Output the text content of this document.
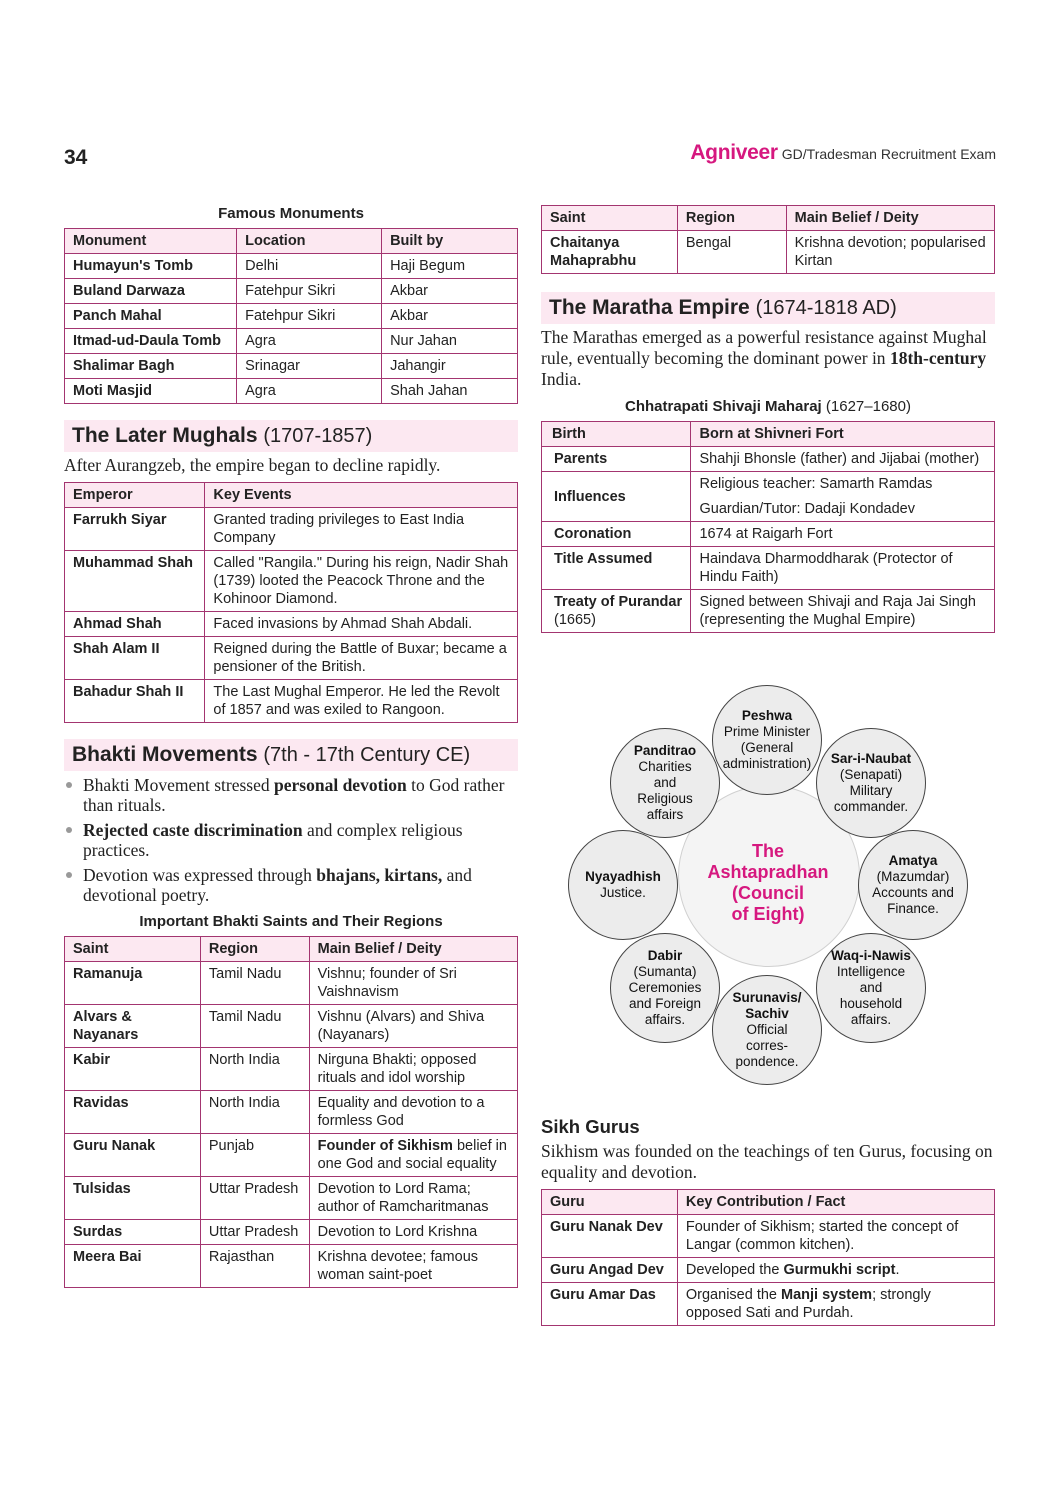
34	Agniveer GD/Tradesman Recruitment Exam
Famous Monuments
Monument	Location	Built by
Humayun's Tomb	Delhi	Haji Begum
Buland Darwaza	Fatehpur Sikri	Akbar
Panch Mahal	Fatehpur Sikri	Akbar
Itmad-ud-Daula Tomb	Agra	Nur Jahan
Shalimar Bagh	Srinagar	Jahangir
Moti Masjid	Agra	Shah Jahan
The Later Mughals (1707-1857)
After Aurangzeb, the empire began to decline rapidly.
Emperor	Key Events
Farrukh Siyar	Granted trading privileges to East India Company
Muhammad Shah	Called "Rangila." During his reign, Nadir Shah (1739) looted the Peacock Throne and the Kohinoor Diamond.
Ahmad Shah	Faced invasions by Ahmad Shah Abdali.
Shah Alam II	Reigned during the Battle of Buxar; became a pensioner of the British.
Bahadur Shah II	The Last Mughal Emperor. He led the Revolt of 1857 and was exiled to Rangoon.
Bhakti Movements (7th - 17th Century CE)
Bhakti Movement stressed personal devotion to God rather than rituals.
Rejected caste discrimination and complex religious practices.
Devotion was expressed through bhajans, kirtans, and devotional poetry.
Important Bhakti Saints and Their Regions
Saint	Region	Main Belief / Deity
Ramanuja	Tamil Nadu	Vishnu; founder of Sri Vaishnavism
Alvars & Nayanars	Tamil Nadu	Vishnu (Alvars) and Shiva (Nayanars)
Kabir	North India	Nirguna Bhakti; opposed rituals and idol worship
Ravidas	North India	Equality and devotion to a formless God
Guru Nanak	Punjab	Founder of Sikhism belief in one God and social equality
Tulsidas	Uttar Pradesh	Devotion to Lord Rama; author of Ramcharitmanas
Surdas	Uttar Pradesh	Devotion to Lord Krishna
Meera Bai	Rajasthan	Krishna devotee; famous woman saint-poet
Saint	Region	Main Belief / Deity
Chaitanya Mahaprabhu	Bengal	Krishna devotion; popularised Kirtan
The Maratha Empire (1674-1818 AD)
The Marathas emerged as a powerful resistance against Mughal rule, eventually becoming the dominant power in 18th-century India.
Chhatrapati Shivaji Maharaj (1627–1680)
Birth	Born at Shivneri Fort
Parents	Shahji Bhonsle (father) and Jijabai (mother)
Influences	Religious teacher: Samarth Ramdas
Guardian/Tutor: Dadaji Kondadev

Coronation	1674 at Raigarh Fort
Title Assumed	Haindava Dharmoddharak (Protector of Hindu Faith)
Treaty of Purandar (1665)	Signed between Shivaji and Raja Jai Singh (representing the Mughal Empire)
The
Ashtapradhan
(Council
of Eight)
Peshwa
Prime Minister
(General
administration) Sar-i-Naubat
(Senapati)
Military
commander.
Amatya
(Mazumdar)
Accounts and
Finance.
Waq-i-Nawis
Intelligence
and
household
affairs.
Surunavis/ Sachiv
Official
corres-
pondence.
Dabir
(Sumanta)
Ceremonies
and Foreign
affairs.
Nyayadhish
Justice.
Panditrao
Charities
and
Religious
affairs
Sikh Gurus
Sikhism was founded on the teachings of ten Gurus, focusing on equality and devotion.
Guru	Key Contribution / Fact
Guru Nanak Dev	Founder of Sikhism; started the concept of Langar (common kitchen).
Guru Angad Dev	Developed the Gurmukhi script.
Guru Amar Das	Organised the Manji system; strongly opposed Sati and Purdah.
